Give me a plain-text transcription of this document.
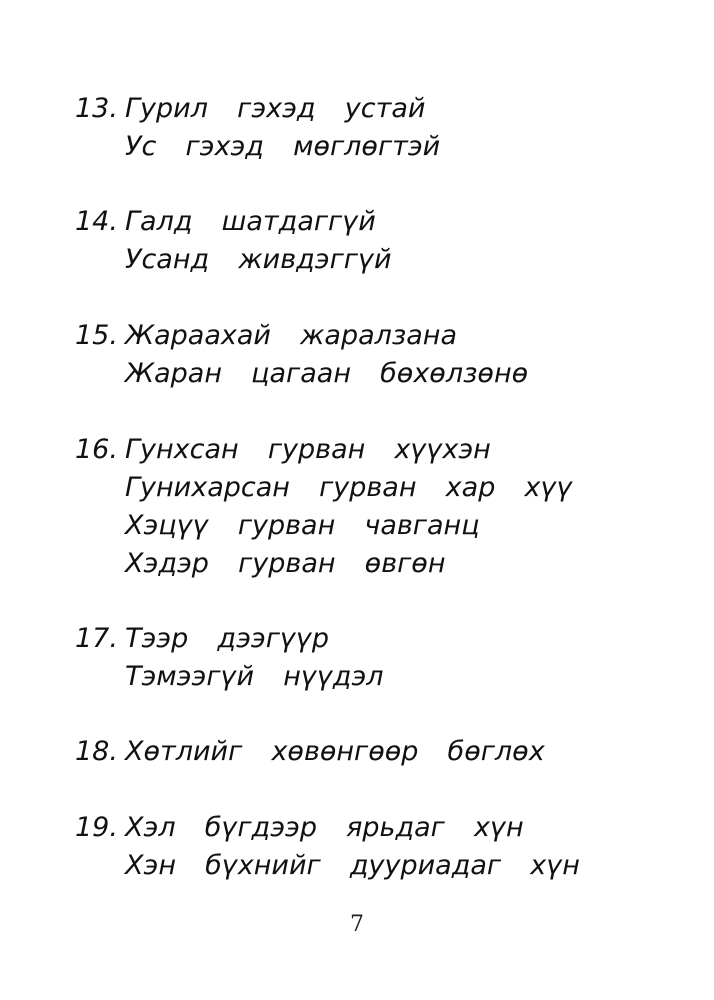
13. Гурил  гэхэд  устай
Ус  гэхэд  мөглөгтэй
14. Галд  шатдаггүй
Усанд  живдэггүй
15. Жараахай  жаралзана
Жаран  цагаан  бөхөлзөнө
16. Гунхсан  гурван  хүүхэн
Гунихарсан  гурван  хар  хүү
Хэцүү  гурван  чавганц
Хэдэр  гурван  өвгөн
17. Тээр  дээгүүр
Тэмээгүй  нүүдэл
18. Хөтлийг  хөвөнгөөр  бөглөх
19. Хэл  бүгдээр  ярьдаг  хүн
Хэн  бүхнийг  дууриадаг  хүн
7
